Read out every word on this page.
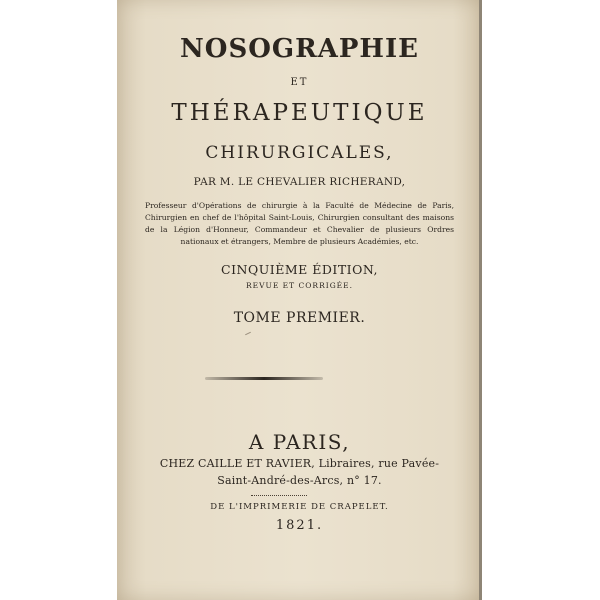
NOSOGRAPHIE

ET

THÉRAPEUTIQUE

CHIRURGICALES,

PAR M. LE CHEVALIER RICHERAND,

Professeur d'Opérations de chirurgie à la Faculté de Médecine de Paris, Chirurgien en chef de l'hôpital Saint-Louis, Chirurgien consultant des maisons de la Légion d'Honneur, Commandeur et Chevalier de plusieurs Ordres nationaux et étrangers, Membre de plusieurs Académies, etc.

CINQUIÈME ÉDITION,

REVUE ET CORRIGÉE.

TOME PREMIER.

A PARIS,

CHEZ CAILLE ET RAVIER, Libraires, rue Pavée-

Saint-André-des-Arcs, n° 17.

DE L'IMPRIMERIE DE CRAPELET.

1821.
